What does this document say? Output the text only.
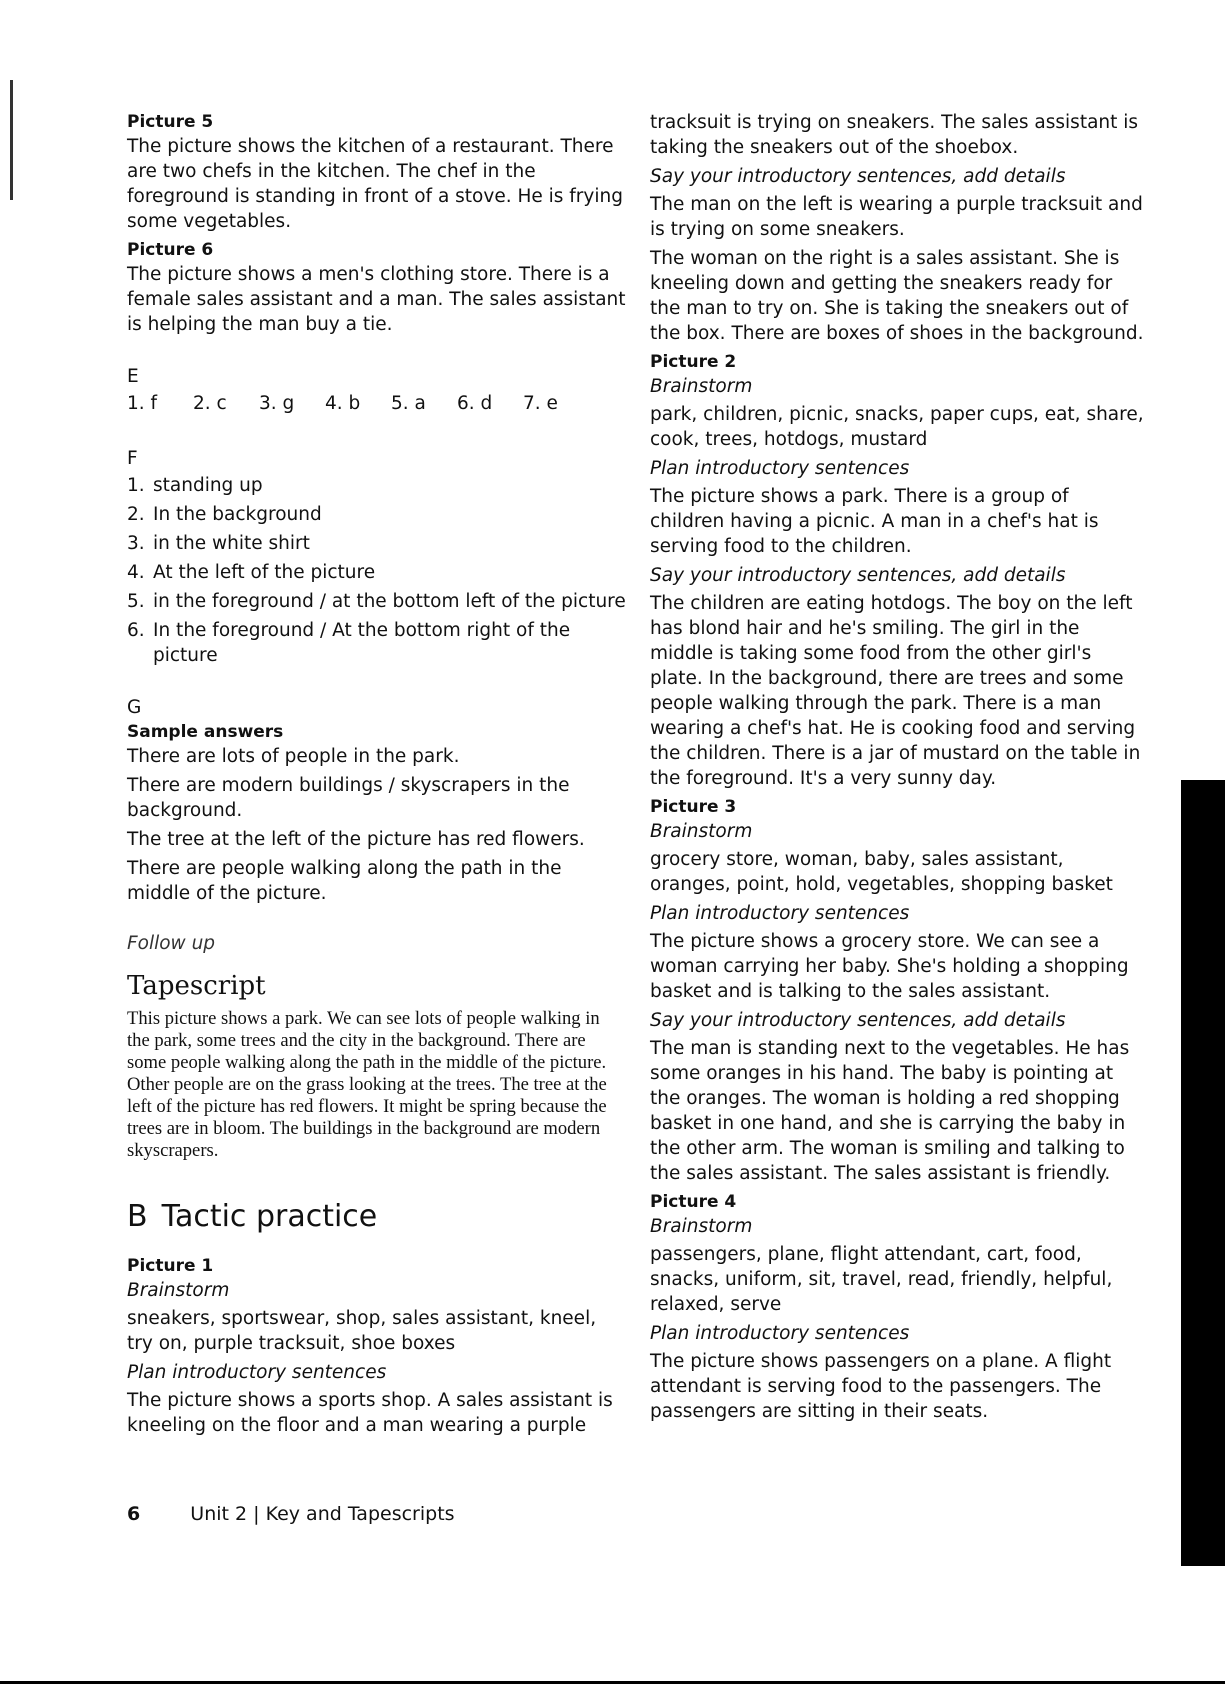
Picture 5

The picture shows the kitchen of a restaurant. There are two chefs in the kitchen. The chef in the foreground is standing in front of a stove. He is frying some vegetables.

Picture 6

The picture shows a men's clothing store. There is a female sales assistant and a man. The sales assistant is helping the man buy a tie.

E

1. f	2. c	3. g	4. b	5. a	6. d	7. e

F

1. standing up
2. In the background
3. in the white shirt
4. At the left of the picture
5. in the foreground / at the bottom left of the picture
6. In the foreground / At the bottom right of the picture

G

Sample answers

There are lots of people in the park.

There are modern buildings / skyscrapers in the background.

The tree at the left of the picture has red flowers.

There are people walking along the path in the middle of the picture.

Follow up

Tapescript

This picture shows a park. We can see lots of people walking in the park, some trees and the city in the background. There are some people walking along the path in the middle of the picture. Other people are on the grass looking at the trees. The tree at the left of the picture has red flowers. It might be spring because the trees are in bloom. The buildings in the background are modern skyscrapers.

B Tactic practice

Picture 1

Brainstorm

sneakers, sportswear, shop, sales assistant, kneel, try on, purple tracksuit, shoe boxes

Plan introductory sentences

The picture shows a sports shop. A sales assistant is kneeling on the floor and a man wearing a purple

tracksuit is trying on sneakers. The sales assistant is taking the sneakers out of the shoebox.

Say your introductory sentences, add details

The man on the left is wearing a purple tracksuit and is trying on some sneakers.

The woman on the right is a sales assistant. She is kneeling down and getting the sneakers ready for the man to try on. She is taking the sneakers out of the box. There are boxes of shoes in the background.

Picture 2

Brainstorm

park, children, picnic, snacks, paper cups, eat, share, cook, trees, hotdogs, mustard

Plan introductory sentences

The picture shows a park. There is a group of children having a picnic. A man in a chef's hat is serving food to the children.

Say your introductory sentences, add details

The children are eating hotdogs. The boy on the left has blond hair and he's smiling. The girl in the middle is taking some food from the other girl's plate. In the background, there are trees and some people walking through the park. There is a man wearing a chef's hat. He is cooking food and serving the children. There is a jar of mustard on the table in the foreground. It's a very sunny day.

Picture 3

Brainstorm

grocery store, woman, baby, sales assistant, oranges, point, hold, vegetables, shopping basket

Plan introductory sentences

The picture shows a grocery store. We can see a woman carrying her baby. She's holding a shopping basket and is talking to the sales assistant.

Say your introductory sentences, add details

The man is standing next to the vegetables. He has some oranges in his hand. The baby is pointing at the oranges. The woman is holding a red shopping basket in one hand, and she is carrying the baby in the other arm. The woman is smiling and talking to the sales assistant. The sales assistant is friendly.

Picture 4

Brainstorm

passengers, plane, flight attendant, cart, food, snacks, uniform, sit, travel, read, friendly, helpful, relaxed, serve

Plan introductory sentences

The picture shows passengers on a plane. A flight attendant is serving food to the passengers. The passengers are sitting in their seats.

6	Unit 2 | Key and Tapescripts
